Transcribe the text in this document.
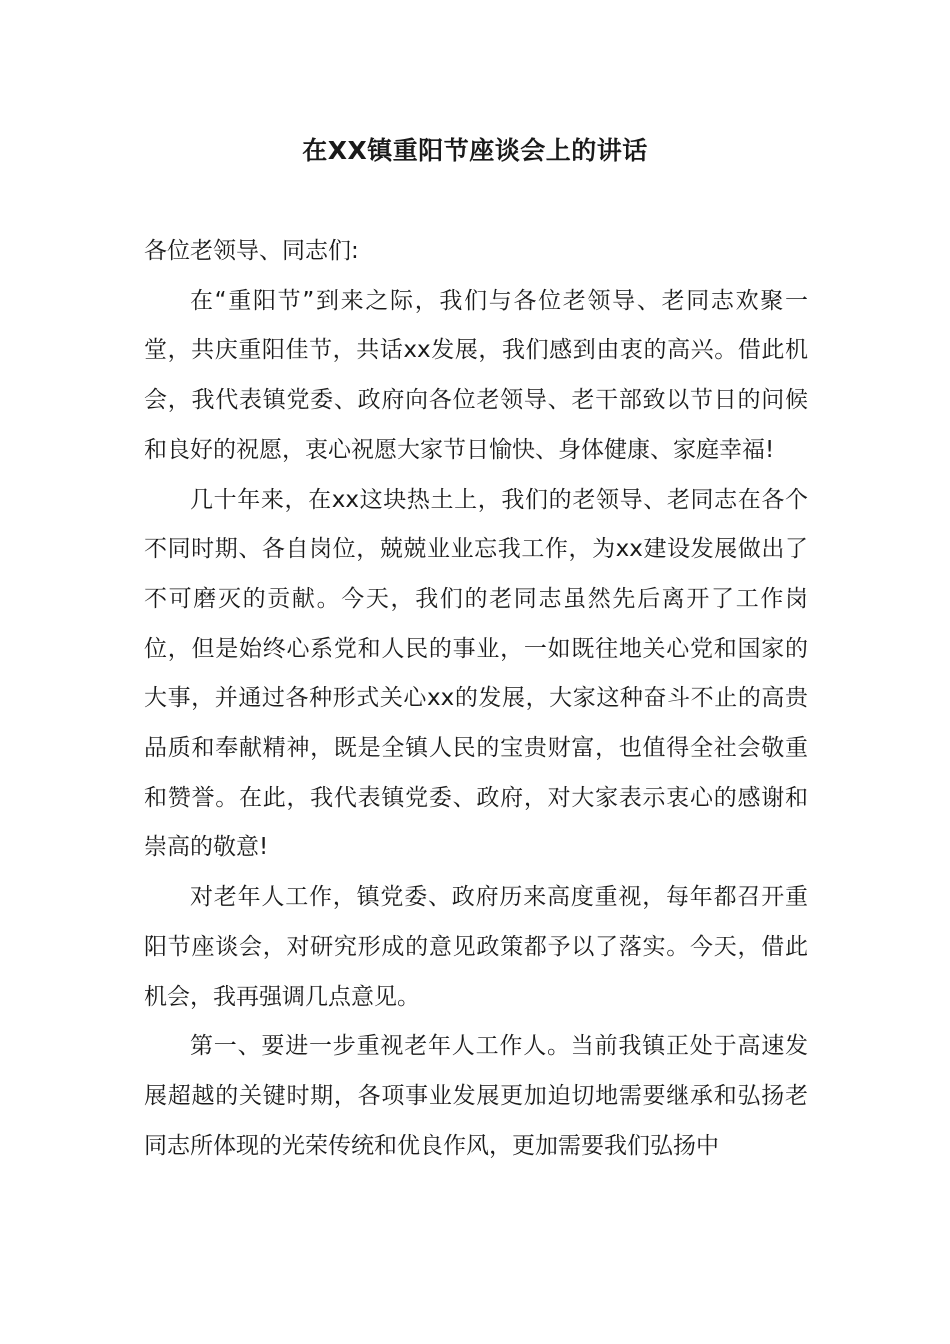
在XX镇重阳节座谈会上的讲话

各位老领导、同志们:

在“重阳节”到来之际，我们与各位老领导、老同志欢聚一堂，共庆重阳佳节，共话xx发展，我们感到由衷的高兴。借此机会，我代表镇党委、政府向各位老领导、老干部致以节日的问候和良好的祝愿，衷心祝愿大家节日愉快、身体健康、家庭幸福!

几十年来，在xx这块热土上，我们的老领导、老同志在各个不同时期、各自岗位，兢兢业业忘我工作，为xx建设发展做出了不可磨灭的贡献。今天，我们的老同志虽然先后离开了工作岗位，但是始终心系党和人民的事业，一如既往地关心党和国家的大事，并通过各种形式关心xx的发展，大家这种奋斗不止的高贵品质和奉献精神，既是全镇人民的宝贵财富，也值得全社会敬重和赞誉。在此，我代表镇党委、政府，对大家表示衷心的感谢和崇高的敬意!

对老年人工作，镇党委、政府历来高度重视，每年都召开重阳节座谈会，对研究形成的意见政策都予以了落实。今天，借此机会，我再强调几点意见。

第一、要进一步重视老年人工作人。当前我镇正处于高速发展超越的关键时期，各项事业发展更加迫切地需要继承和弘扬老同志所体现的光荣传统和优良作风，更加需要我们弘扬中
